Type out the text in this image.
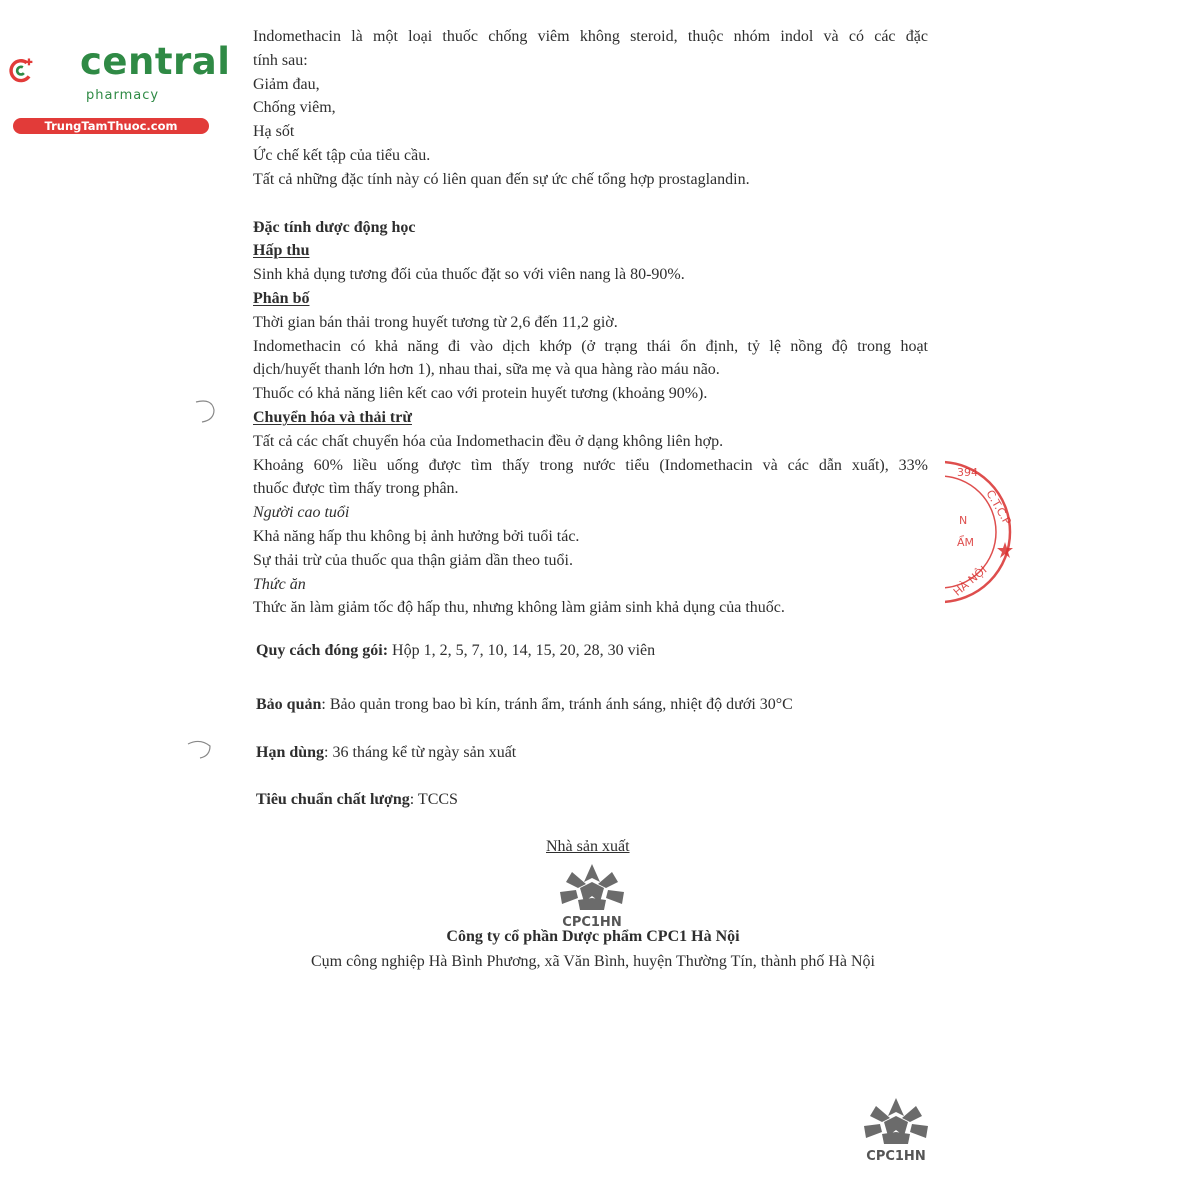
central
pharmacy
TrungTamThuoc.com
Indomethacin là một loại thuốc chống viêm không steroid, thuộc nhóm indol và có các đặc
tính sau:
Giảm đau,
Chống viêm,
Hạ sốt
Ức chế kết tập của tiểu cầu.
Tất cả những đặc tính này có liên quan đến sự ức chế tổng hợp prostaglandin.
Đặc tính dược động học
Hấp thu
Sinh khả dụng tương đối của thuốc đặt so với viên nang là 80-90%.
Phân bố
Thời gian bán thải trong huyết tương từ 2,6 đến 11,2 giờ.
Indomethacin có khả năng đi vào dịch khớp (ở trạng thái ổn định, tỷ lệ nồng độ trong hoạt
dịch/huyết thanh lớn hơn 1), nhau thai, sữa mẹ và qua hàng rào máu não.
Thuốc có khả năng liên kết cao với protein huyết tương (khoảng 90%).
Chuyển hóa và thải trừ
Tất cả các chất chuyển hóa của Indomethacin đều ở dạng không liên hợp.
Khoảng 60% liều uống được tìm thấy trong nước tiểu (Indomethacin và các dẫn xuất), 33%
thuốc được tìm thấy trong phân.
Người cao tuổi
Khả năng hấp thu không bị ảnh hưởng bởi tuổi tác.
Sự thải trừ của thuốc qua thận giảm dần theo tuổi.
Thức ăn
Thức ăn làm giảm tốc độ hấp thu, nhưng không làm giảm sinh khả dụng của thuốc.
Quy cách đóng gói: Hộp 1, 2, 5, 7, 10, 14, 15, 20, 28, 30 viên
Bảo quản: Bảo quản trong bao bì kín, tránh ẩm, tránh ánh sáng, nhiệt độ dưới 30°C
Hạn dùng: 36 tháng kể từ ngày sản xuất
Tiêu chuẩn chất lượng: TCCS
Nhà sản xuất
CPC1HN
Công ty cổ phần Dược phẩm CPC1 Hà Nội
Cụm công nghiệp Hà Bình Phương, xã Văn Bình, huyện Thường Tín, thành phố Hà Nội
394
C.T.C.P
N
ẨM
HÀ NỘI
CPC1HN
